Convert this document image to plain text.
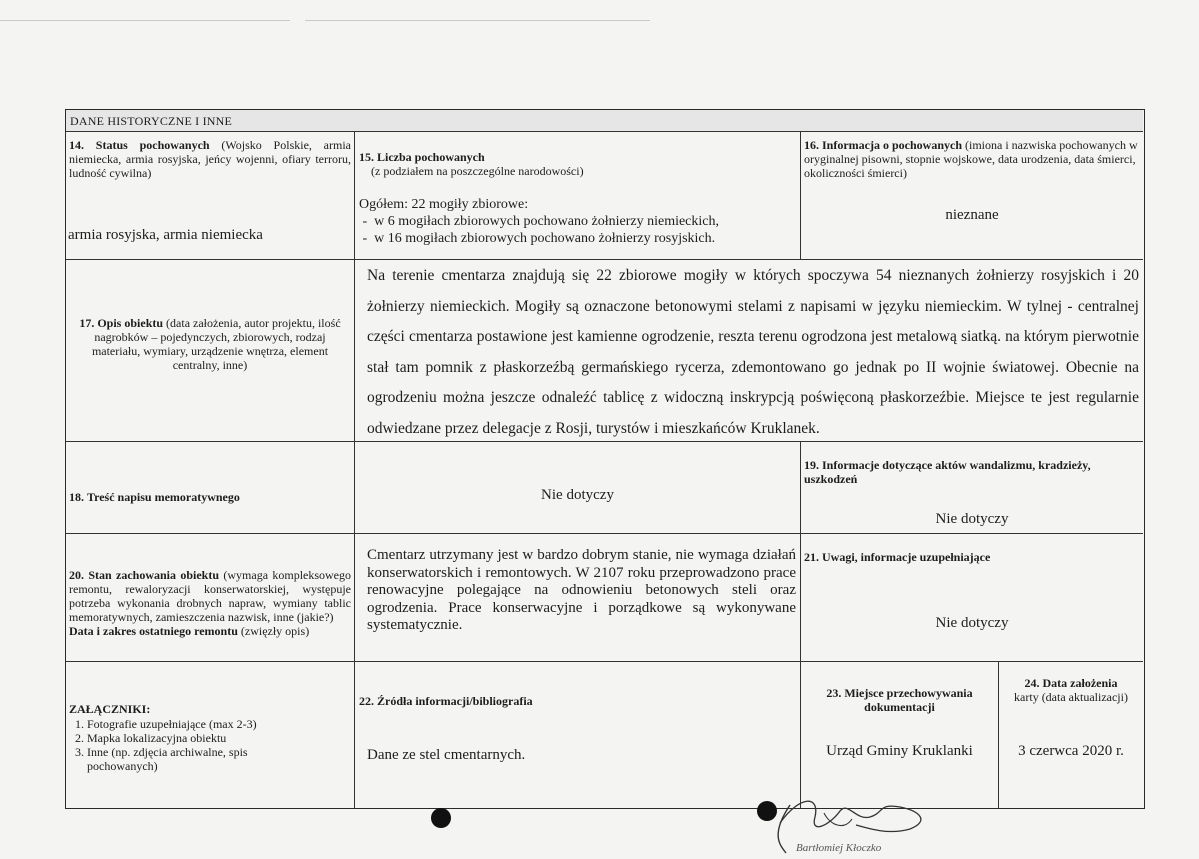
DANE HISTORYCZNE I INNE
14. Status pochowanych (Wojsko Polskie, armia niemiecka, armia rosyjska, jeńcy wojenni, ofiary terroru, ludność cywilna)
armia rosyjska, armia niemiecka
15. Liczba pochowanych
(z podziałem na poszczególne narodowości)
Ogółem: 22 mogiły zbiorowe:
-  w 6 mogiłach zbiorowych pochowano żołnierzy niemieckich,
-  w 16 mogiłach zbiorowych pochowano żołnierzy rosyjskich.
16. Informacja o pochowanych (imiona i nazwiska pochowanych w oryginalnej pisowni, stopnie wojskowe, data urodzenia, data śmierci, okoliczności śmierci)
nieznane
17. Opis obiektu (data założenia, autor projektu, ilość nagrobków – pojedynczych, zbiorowych, rodzaj materiału, wymiary, urządzenie wnętrza, element centralny, inne)
Na terenie cmentarza znajdują się 22 zbiorowe mogiły w których spoczywa 54 nieznanych żołnierzy rosyjskich i 20 żołnierzy niemieckich. Mogiły są oznaczone betonowymi stelami z napisami w języku niemieckim. W tylnej - centralnej części cmentarza postawione jest kamienne ogrodzenie, reszta terenu ogrodzona jest metalową siatką. na którym pierwotnie stał tam pomnik z płaskorzeźbą germańskiego rycerza, zdemontowano go jednak po II wojnie światowej. Obecnie na ogrodzeniu można jeszcze odnaleźć tablicę z widoczną inskrypcją poświęconą płaskorzeźbie. Miejsce te jest regularnie odwiedzane przez delegacje z Rosji, turystów i mieszkańców Kruklanek.
18. Treść napisu memoratywnego	Nie dotyczy
19. Informacje dotyczące aktów wandalizmu, kradzieży, uszkodzeń
Nie dotyczy
20. Stan zachowania obiektu (wymaga kompleksowego remontu, rewaloryzacji konserwatorskiej, występuje potrzeba wykonania drobnych napraw, wymiany tablic memoratywnych, zamieszczenia nazwisk, inne (jakie?)
Data i zakres ostatniego remontu (zwięzły opis)
Cmentarz utrzymany jest w bardzo dobrym stanie, nie wymaga działań konserwatorskich i remontowych. W 2107 roku przeprowadzono prace renowacyjne polegające na odnowieniu betonowych steli oraz ogrodzenia. Prace konserwacyjne i porządkowe są wykonywane systematycznie.
21. Uwagi, informacje uzupełniające
Nie dotyczy
ZAŁĄCZNIKI:
1. Fotografie uzupełniające (max 2-3)
2. Mapka lokalizacyjna obiektu
3. Inne (np. zdjęcia archiwalne, spis pochowanych)
22. Źródła informacji/bibliografia
Dane ze stel cmentarnych.
23. Miejsce przechowywania dokumentacji
Urząd Gminy Kruklanki
24. Data założenia
karty (data aktualizacji)
3 czerwca 2020 r.
Bartłomiej Kłoczko
